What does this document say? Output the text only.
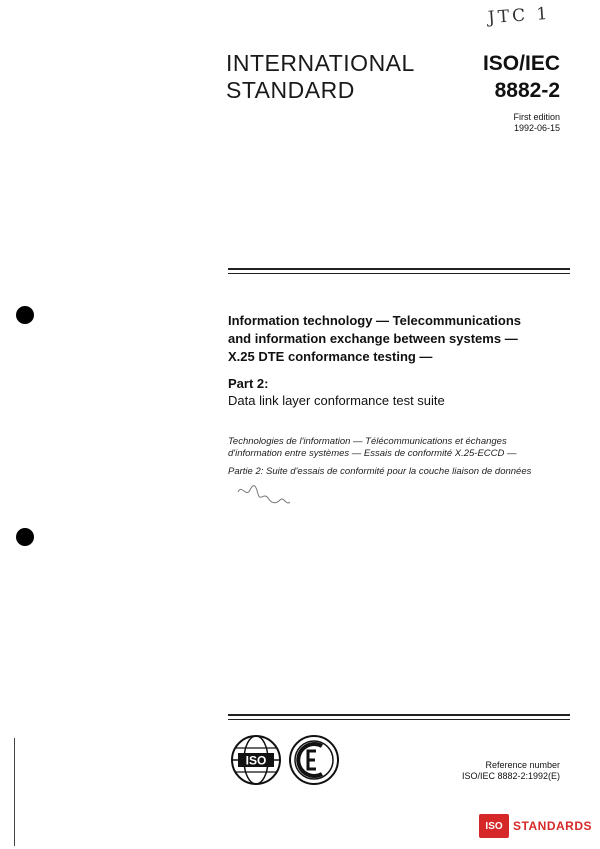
JTC 1
INTERNATIONAL
STANDARD
ISO/IEC
8882-2
First edition
1992-06-15
Information technology — Telecommunications
and information exchange between systems —
X.25 DTE conformance testing —
Part 2:
Data link layer conformance test suite
Technologies de l'information — Télécommunications et échanges
d'information entre systèmes — Essais de conformité X.25-ECCD —
Partie 2: Suite d'essais de conformité pour la couche liaison de données
ISO	Reference number
ISO/IEC 8882-2:1992(E)
ISO STANDARDS
